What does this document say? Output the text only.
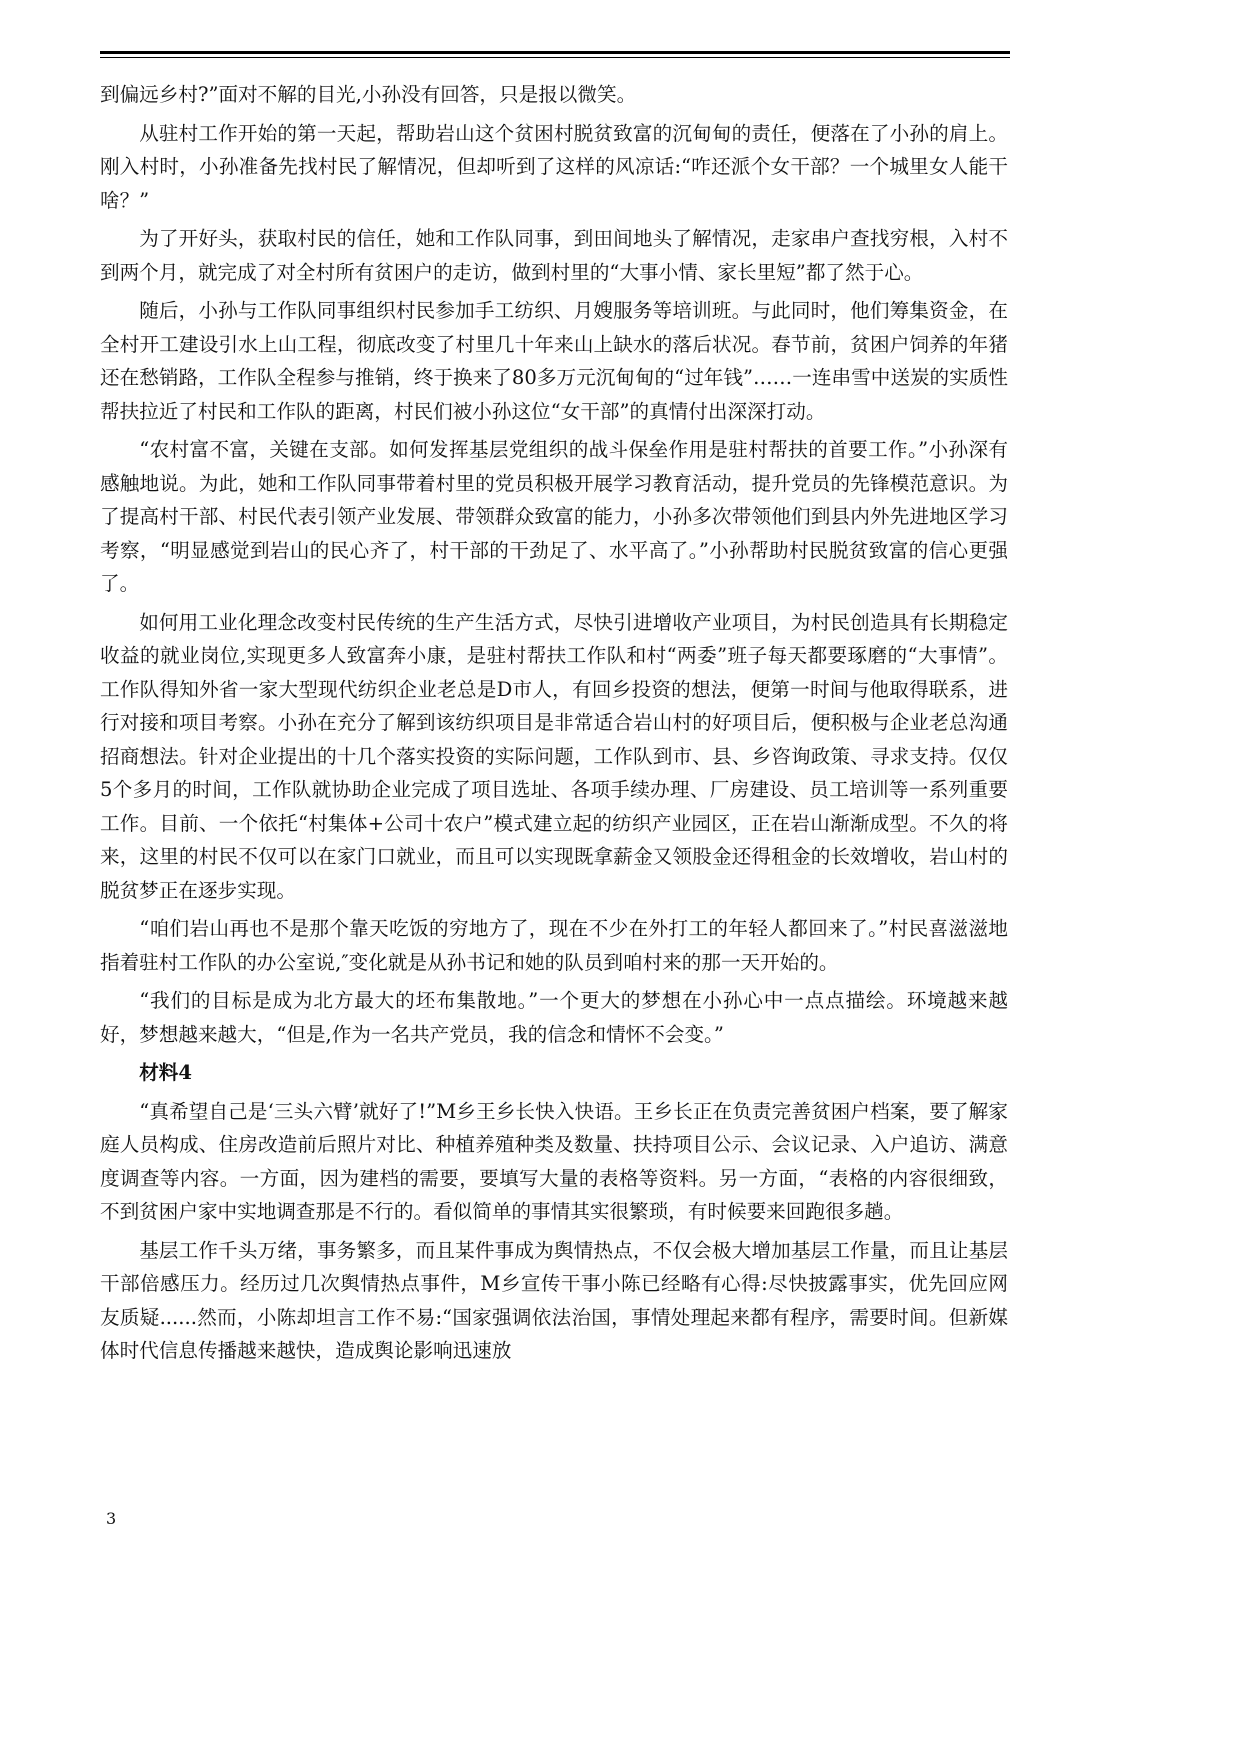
到偏远乡村?”面对不解的目光,小孙没有回答，只是报以微笑。

从驻村工作开始的第一天起，帮助岩山这个贫困村脱贫致富的沉甸甸的责任，便落在了小孙的肩上。刚入村时，小孙准备先找村民了解情况，但却听到了这样的风凉话:“咋还派个女干部？一个城里女人能干啥？”

为了开好头，获取村民的信任，她和工作队同事，到田间地头了解情况，走家串户查找穷根，入村不到两个月，就完成了对全村所有贫困户的走访，做到村里的“大事小情、家长里短”都了然于心。

随后，小孙与工作队同事组织村民参加手工纺织、月嫂服务等培训班。与此同时，他们筹集资金，在全村开工建设引水上山工程，彻底改变了村里几十年来山上缺水的落后状况。春节前，贫困户饲养的年猪还在愁销路，工作队全程参与推销，终于换来了80多万元沉甸甸的“过年钱”……一连串雪中送炭的实质性帮扶拉近了村民和工作队的距离，村民们被小孙这位“女干部”的真情付出深深打动。

“农村富不富，关键在支部。如何发挥基层党组织的战斗保垒作用是驻村帮扶的首要工作。”小孙深有感触地说。为此，她和工作队同事带着村里的党员积极开展学习教育活动，提升党员的先锋模范意识。为了提高村干部、村民代表引领产业发展、带领群众致富的能力，小孙多次带领他们到县内外先进地区学习考察，“明显感觉到岩山的民心齐了，村干部的干劲足了、水平高了。”小孙帮助村民脱贫致富的信心更强了。

如何用工业化理念改变村民传统的生产生活方式，尽快引进增收产业项目，为村民创造具有长期稳定收益的就业岗位,实现更多人致富奔小康，是驻村帮扶工作队和村“两委”班子每天都要琢磨的“大事情”。工作队得知外省一家大型现代纺织企业老总是D市人，有回乡投资的想法，便第一时间与他取得联系，进行对接和项目考察。小孙在充分了解到该纺织项目是非常适合岩山村的好项目后，便积极与企业老总沟通招商想法。针对企业提出的十几个落实投资的实际问题，工作队到市、县、乡咨询政策、寻求支持。仅仅5个多月的时间，工作队就协助企业完成了项目选址、各项手续办理、厂房建设、员工培训等一系列重要工作。目前、一个依托“村集体+公司十农户”模式建立起的纺织产业园区，正在岩山渐渐成型。不久的将来，这里的村民不仅可以在家门口就业，而且可以实现既拿薪金又领股金还得租金的长效增收，岩山村的脱贫梦正在逐步实现。

“咱们岩山再也不是那个靠天吃饭的穷地方了，现在不少在外打工的年轻人都回来了。”村民喜滋滋地指着驻村工作队的办公室说,″变化就是从孙书记和她的队员到咱村来的那一天开始的。

“我们的目标是成为北方最大的坯布集散地。”一个更大的梦想在小孙心中一点点描绘。环境越来越好，梦想越来越大，“但是,作为一名共产党员，我的信念和情怀不会变。”

材料4

“真希望自己是‘三头六臂’就好了!”M乡王乡长快入快语。王乡长正在负责完善贫困户档案，要了解家庭人员构成、住房改造前后照片对比、种植养殖种类及数量、扶持项目公示、会议记录、入户追访、满意度调查等内容。一方面，因为建档的需要，要填写大量的表格等资料。另一方面，“表格的内容很细致，不到贫困户家中实地调查那是不行的。看似简单的事情其实很繁琐，有时候要来回跑很多趟。

基层工作千头万绪，事务繁多，而且某件事成为舆情热点，不仅会极大增加基层工作量，而且让基层干部倍感压力。经历过几次舆情热点事件，M乡宣传干事小陈已经略有心得:尽快披露事实，优先回应网友质疑......然而，小陈却坦言工作不易:“国家强调依法治国，事情处理起来都有程序，需要时间。但新媒体时代信息传播越来越快，造成舆论影响迅速放

3
